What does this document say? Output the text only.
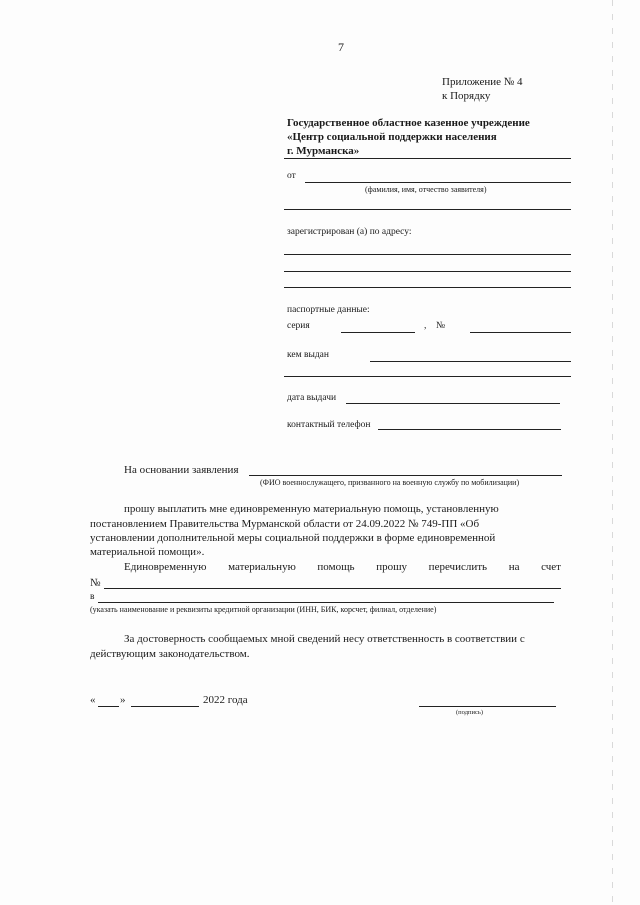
7
Приложение № 4
к Порядку
Государственное областное казенное учреждение
«Центр социальной поддержки населения
г. Мурманска»
от
(фамилия, имя, отчество заявителя)
зарегистрирован (а) по адресу:
паспортные данные:
серия	, №
кем выдан
дата выдачи
контактный телефон
На основании заявления
(ФИО военнослужащего, призванного на военную службу по мобилизации)
прошу выплатить мне единовременную материальную помощь, установленную
постановлением Правительства Мурманской области от 24.09.2022 № 749-ПП «Об
установлении дополнительной меры социальной поддержки в форме единовременной
материальной помощи».
Единовременную материальную помощь прошу перечислить на счет
№
в
(указать наименование и реквизиты кредитной организации (ИНН, БИК, корсчет, филиал, отделение)
За достоверность сообщаемых мной сведений несу ответственность в соответствии с
действующим законодательством.
« »	2022 года
(подпись)
